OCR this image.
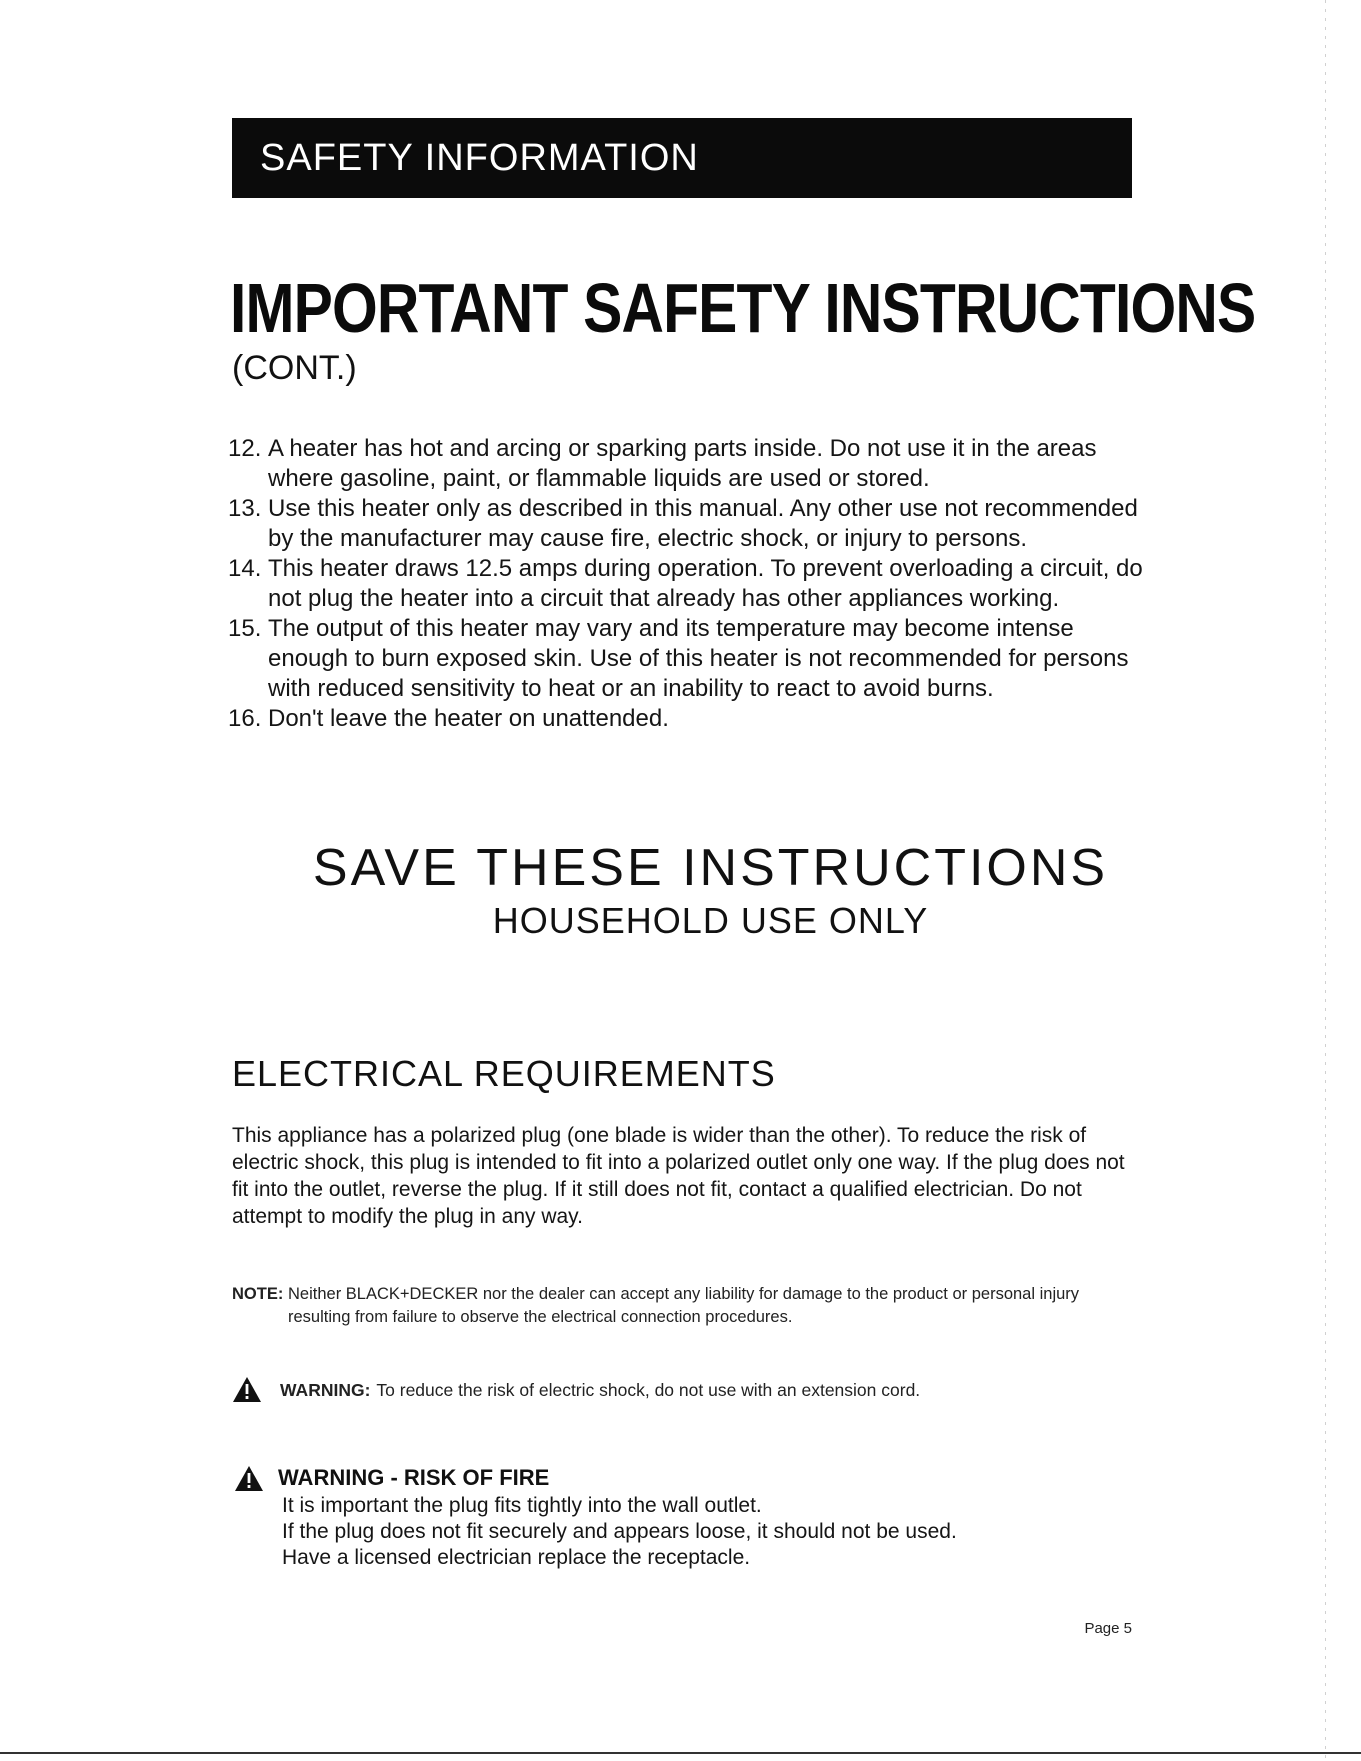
SAFETY INFORMATION
IMPORTANT SAFETY INSTRUCTIONS
(CONT.)
12. A heater has hot and arcing or sparking parts inside. Do not use it in the areas where gasoline, paint, or flammable liquids are used or stored.
13. Use this heater only as described in this manual. Any other use not recommended by the manufacturer may cause fire, electric shock, or injury to persons.
14. This heater draws 12.5 amps during operation. To prevent overloading a circuit, do not plug the heater into a circuit that already has other appliances working.
15. The output of this heater may vary and its temperature may become intense enough to burn exposed skin. Use of this heater is not recommended for persons with reduced sensitivity to heat or an inability to react to avoid burns.
16. Don't leave the heater on unattended.
SAVE THESE INSTRUCTIONS
HOUSEHOLD USE ONLY
ELECTRICAL REQUIREMENTS

This appliance has a polarized plug (one blade is wider than the other). To reduce the risk of electric shock, this plug is intended to fit into a polarized outlet only one way. If the plug does not fit into the outlet, reverse the plug. If it still does not fit, contact a qualified electrician. Do not attempt to modify the plug in any way.

NOTE: Neither BLACK+DECKER nor the dealer can accept any liability for damage to the product or personal injury resulting from failure to observe the electrical connection procedures.
WARNING: To reduce the risk of electric shock, do not use with an extension cord.
WARNING - RISK OF FIRE
It is important the plug fits tightly into the wall outlet.
If the plug does not fit securely and appears loose, it should not be used.
Have a licensed electrician replace the receptacle.
Page 5
